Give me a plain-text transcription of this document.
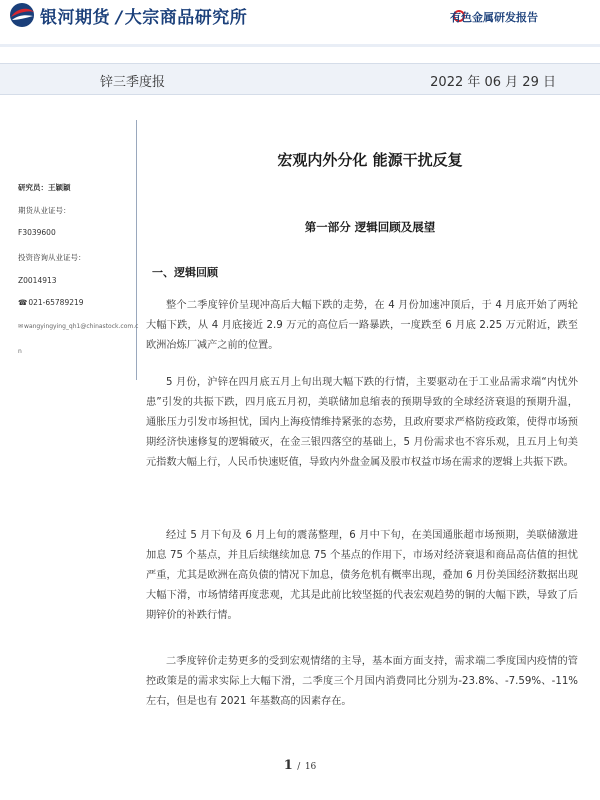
银河期货 / 大宗商品研究所	有色金属研发报告
锌三季度报	2022 年 06 月 29 日
研究员：王颖颖
期货从业证号：
F3039600
投资咨询从业证号：
Z0014913
☎021-65789219
✉wangyingying_qh1@chinastock.com.c
n
宏观内外分化 能源干扰反复
第一部分 逻辑回顾及展望
一、逻辑回顾

整个二季度锌价呈现冲高后大幅下跌的走势，在 4 月份加速冲顶后，于 4 月底开始了两轮大幅下跌，从 4 月底接近 2.9 万元的高位后一路暴跌，一度跌至 6 月底 2.25 万元附近，跌至欧洲冶炼厂减产之前的位置。

5 月份，沪锌在四月底五月上旬出现大幅下跌的行情，主要驱动在于工业品需求端“内忧外患”引发的共振下跌，四月底五月初，美联储加息缩表的预期导致的全球经济衰退的预期升温，通胀压力引发市场担忧，国内上海疫情维持紧张的态势，且政府要求严格防疫政策，使得市场预期经济快速修复的逻辑破灭，在金三银四落空的基础上，5 月份需求也不容乐观，且五月上旬美元指数大幅上行，人民币快速贬值，导致内外盘金属及股市权益市场在需求的逻辑上共振下跌。

经过 5 月下旬及 6 月上旬的震荡整理，6 月中下旬，在美国通胀超市场预期，美联储激进加息 75 个基点，并且后续继续加息 75 个基点的作用下，市场对经济衰退和商品高估值的担忧严重，尤其是欧洲在高负债的情况下加息，债务危机有概率出现，叠加 6 月份美国经济数据出现大幅下滑，市场情绪再度悲观，尤其是此前比较坚挺的代表宏观趋势的铜的大幅下跌，导致了后期锌价的补跌行情。

二季度锌价走势更多的受到宏观情绪的主导，基本面方面支持，需求端二季度国内疫情的管控政策是的需求实际上大幅下滑，二季度三个月国内消费同比分别为-23.8%、-7.59%、-11%左右，但是也有 2021 年基数高的因素存在。

1 / 16
